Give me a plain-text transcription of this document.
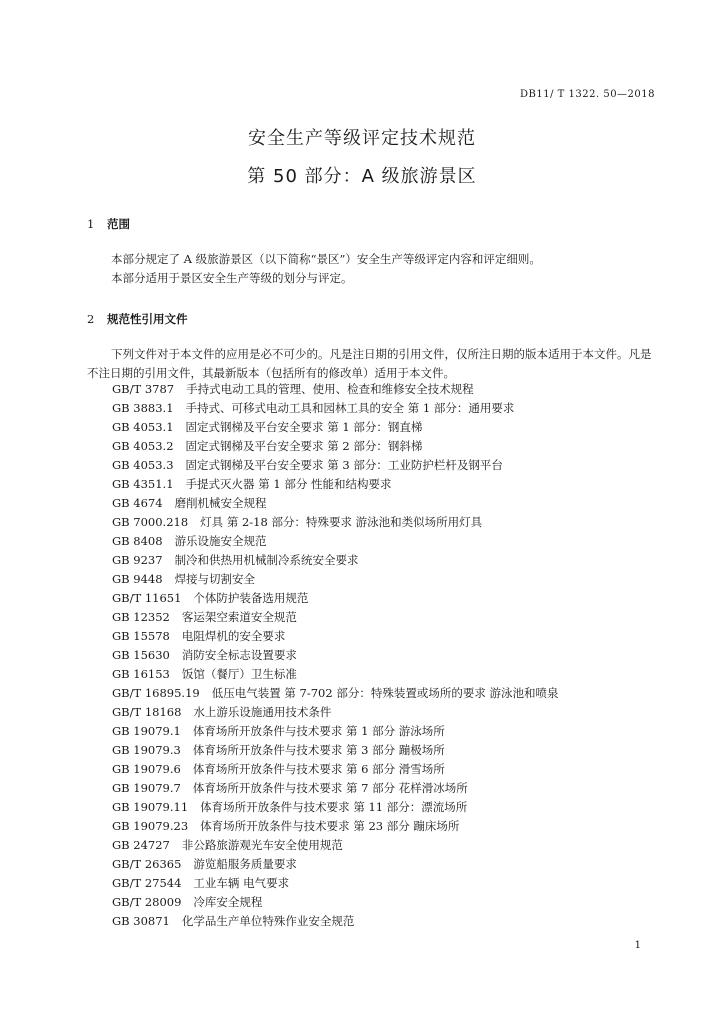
DB11/ T 1322. 50—2018
安全生产等级评定技术规范
第 50 部分：A 级旅游景区
1 范围

本部分规定了 A 级旅游景区（以下简称“景区”）安全生产等级评定内容和评定细则。

本部分适用于景区安全生产等级的划分与评定。

2 规范性引用文件

下列文件对于本文件的应用是必不可少的。凡是注日期的引用文件，仅所注日期的版本适用于本文件。凡是不注日期的引用文件，其最新版本（包括所有的修改单）适用于本文件。

GB/T 3787 手持式电动工具的管理、使用、检查和维修安全技术规程
GB 3883.1 手持式、可移式电动工具和园林工具的安全 第 1 部分：通用要求
GB 4053.1 固定式钢梯及平台安全要求 第 1 部分：钢直梯
GB 4053.2 固定式钢梯及平台安全要求 第 2 部分：钢斜梯
GB 4053.3 固定式钢梯及平台安全要求 第 3 部分：工业防护栏杆及钢平台
GB 4351.1 手提式灭火器 第 1 部分 性能和结构要求
GB 4674 磨削机械安全规程
GB 7000.218 灯具 第 2-18 部分：特殊要求 游泳池和类似场所用灯具
GB 8408 游乐设施安全规范
GB 9237 制冷和供热用机械制冷系统安全要求
GB 9448 焊接与切割安全
GB/T 11651 个体防护装备选用规范
GB 12352 客运架空索道安全规范
GB 15578 电阻焊机的安全要求
GB 15630 消防安全标志设置要求
GB 16153 饭馆（餐厅）卫生标准
GB/T 16895.19 低压电气装置 第 7-702 部分：特殊装置或场所的要求 游泳池和喷泉
GB/T 18168 水上游乐设施通用技术条件
GB 19079.1 体育场所开放条件与技术要求 第 1 部分 游泳场所
GB 19079.3 体育场所开放条件与技术要求 第 3 部分 蹦极场所
GB 19079.6 体育场所开放条件与技术要求 第 6 部分 滑雪场所
GB 19079.7 体育场所开放条件与技术要求 第 7 部分 花样滑冰场所
GB 19079.11 体育场所开放条件与技术要求 第 11 部分：漂流场所
GB 19079.23 体育场所开放条件与技术要求 第 23 部分 蹦床场所
GB 24727 非公路旅游观光车安全使用规范
GB/T 26365 游览船服务质量要求
GB/T 27544 工业车辆 电气要求
GB/T 28009 冷库安全规程
GB 30871 化学品生产单位特殊作业安全规范
1
